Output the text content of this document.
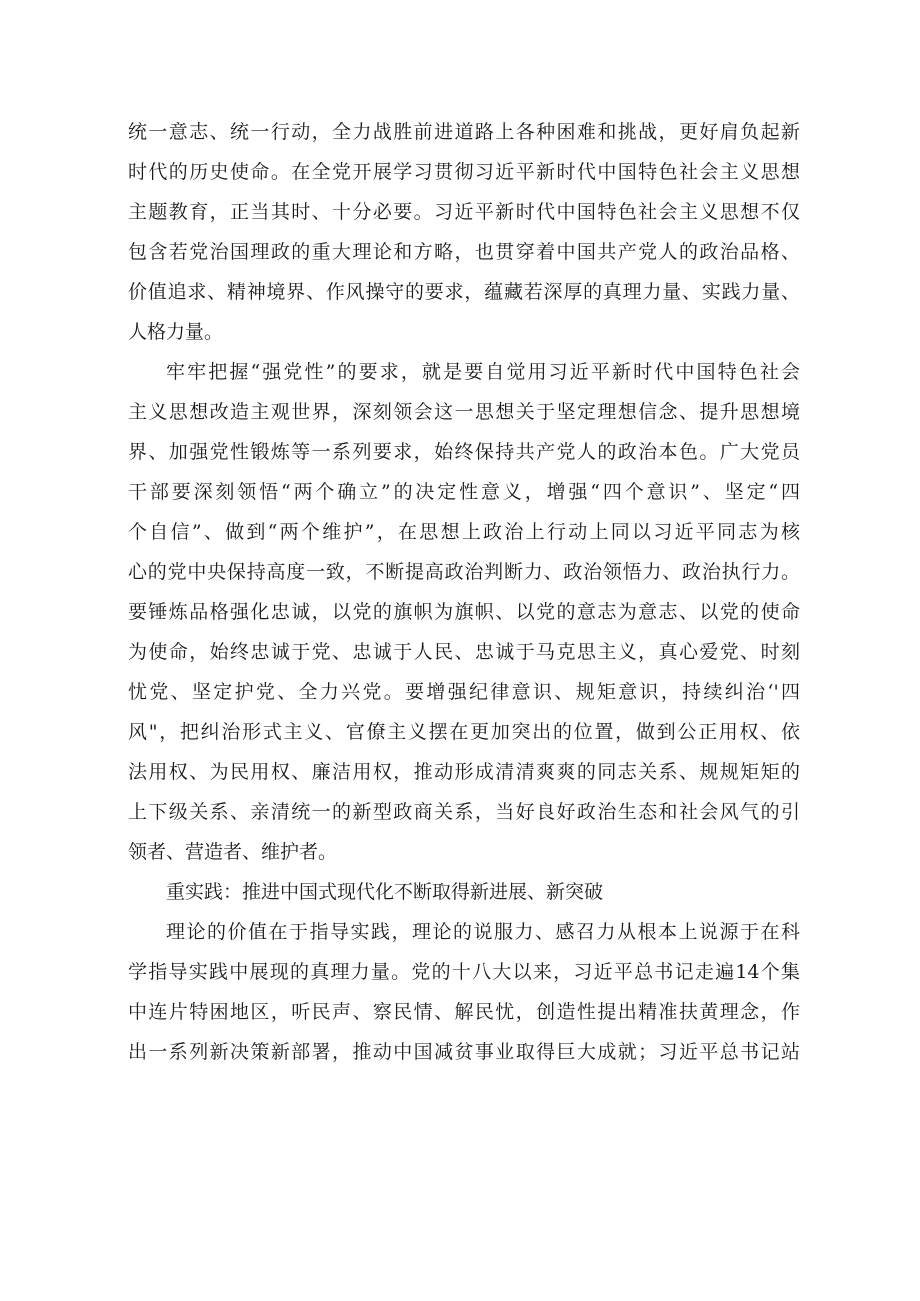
统一意志、统一行动，全力战胜前进道路上各种困难和挑战，更好肩负起新
时代的历史使命。在全党开展学习贯彻习近平新时代中国特色社会主义思想
主题教育，正当其时、十分必要。习近平新时代中国特色社会主义思想不仅
包含若党治国理政的重大理论和方略，也贯穿着中国共产党人的政治品格、
价值追求、精神境界、作风操守的要求，蕴藏若深厚的真理力量、实践力量、
人格力量。
牢牢把握“强党性”的要求，就是要自觉用习近平新时代中国特色社会
主义思想改造主观世界，深刻领会这一思想关于坚定理想信念、提升思想境
界、加强党性锻炼等一系列要求，始终保持共产党人的政治本色。广大党员
干部要深刻领悟“两个确立”的决定性意义，增强“四个意识”、坚定“四
个自信”、做到“两个维护”，在思想上政治上行动上同以习近平同志为核
心的党中央保持高度一致，不断提高政治判断力、政治领悟力、政治执行力。
要锤炼品格强化忠诚，以党的旗帜为旗帜、以党的意志为意志、以党的使命
为使命，始终忠诚于党、忠诚于人民、忠诚于马克思主义，真心爱党、时刻
忧党、坚定护党、全力兴党。要增强纪律意识、规矩意识，持续纠治‘'四
风"，把纠治形式主义、官僚主义摆在更加突出的位置，做到公正用权、依
法用权、为民用权、廉洁用权，推动形成清清爽爽的同志关系、规规矩矩的
上下级关系、亲清统一的新型政商关系，当好良好政治生态和社会风气的引
领者、营造者、维护者。
重实践：推进中国式现代化不断取得新进展、新突破
理论的价值在于指导实践，理论的说服力、感召力从根本上说源于在科
学指导实践中展现的真理力量。党的十八大以来，习近平总书记走遍14个集
中连片特困地区，听民声、察民情、解民忧，创造性提出精准扶黄理念，作
出一系列新决策新部署，推动中国减贫事业取得巨大成就；习近平总书记站
